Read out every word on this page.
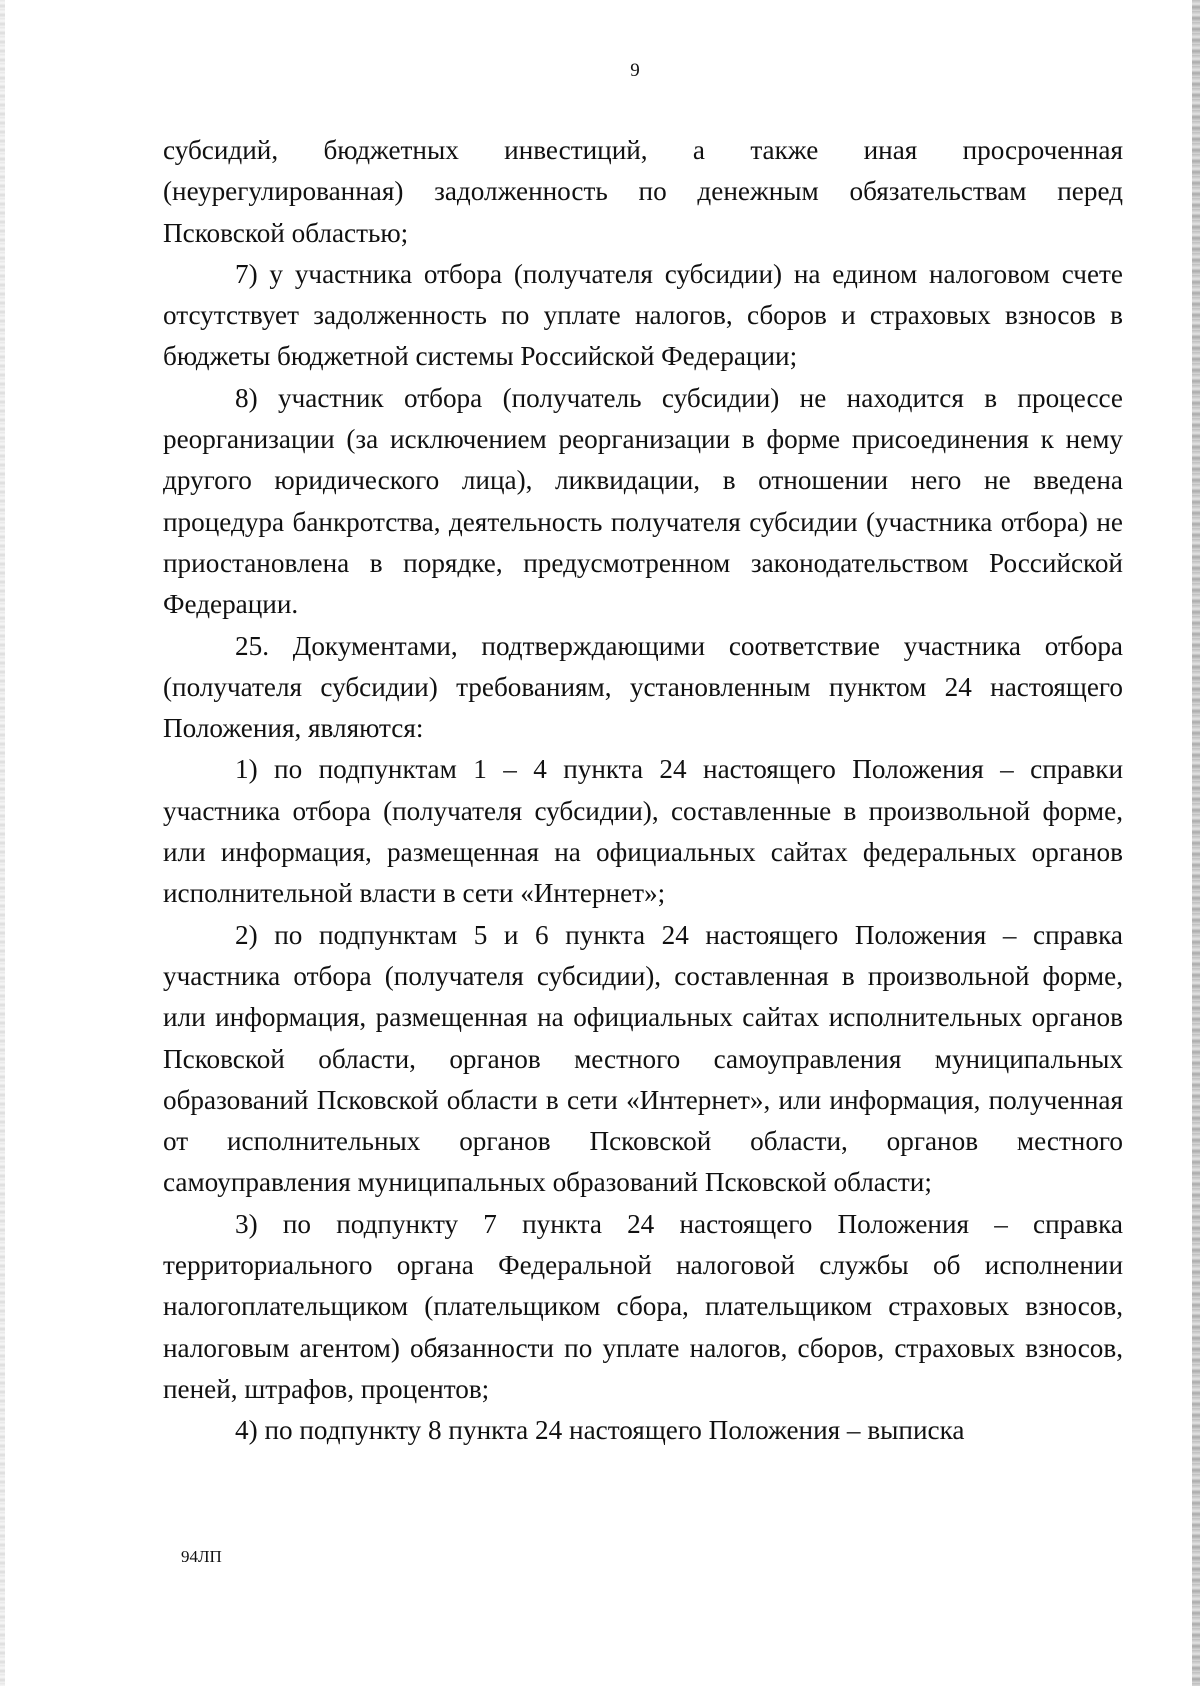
9

субсидий, бюджетных инвестиций, а также иная просроченная (неурегулированная) задолженность по денежным обязательствам перед Псковской областью;

7) у участника отбора (получателя субсидии) на едином налоговом счете отсутствует задолженность по уплате налогов, сборов и страховых взносов в бюджеты бюджетной системы Российской Федерации;

8) участник отбора (получатель субсидии) не находится в процессе реорганизации (за исключением реорганизации в форме присоединения к нему другого юридического лица), ликвидации, в отношении него не введена процедура банкротства, деятельность получателя субсидии (участника отбора) не приостановлена в порядке, предусмотренном законодательством Российской Федерации.

25. Документами, подтверждающими соответствие участника отбора (получателя субсидии) требованиям, установленным пунктом 24 настоящего Положения, являются:

1) по подпунктам 1 – 4 пункта 24 настоящего Положения – справки участника отбора (получателя субсидии), составленные в произвольной форме, или информация, размещенная на официальных сайтах федеральных органов исполнительной власти в сети «Интернет»;

2) по подпунктам 5 и 6 пункта 24 настоящего Положения – справка участника отбора (получателя субсидии), составленная в произвольной форме, или информация, размещенная на официальных сайтах исполнительных органов Псковской области, органов местного самоуправления муниципальных образований Псковской области в сети «Интернет», или информация, полученная от исполнительных органов Псковской области, органов местного самоуправления муниципальных образований Псковской области;

3) по подпункту 7 пункта 24 настоящего Положения – справка территориального органа Федеральной налоговой службы об исполнении налогоплательщиком (плательщиком сбора, плательщиком страховых взносов, налоговым агентом) обязанности по уплате налогов, сборов, страховых взносов, пеней, штрафов, процентов;

4) по подпункту 8 пункта 24 настоящего Положения – выписка

94ЛП
